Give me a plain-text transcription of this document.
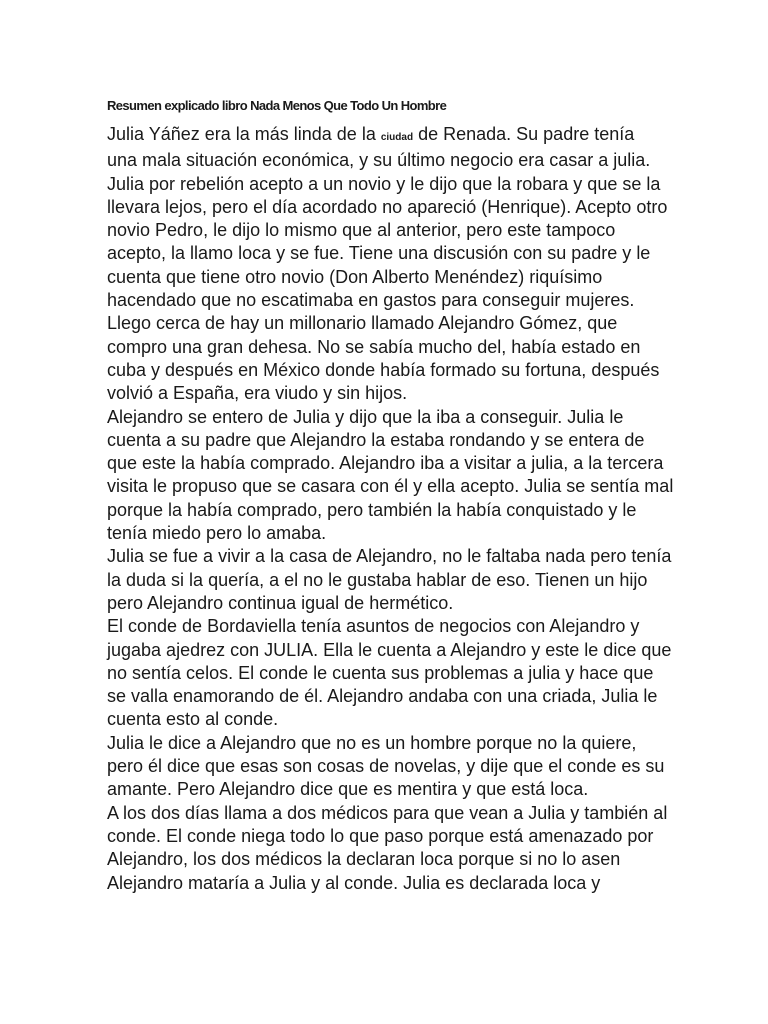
Resumen explicado libro Nada Menos Que Todo Un Hombre

Julia Yáñez era la más linda de la ciudad de Renada. Su padre tenía
una mala situación económica, y su último negocio era casar a julia.
Julia por rebelión acepto a un novio y le dijo que la robara y que se la
llevara lejos, pero el día acordado no apareció (Henrique). Acepto otro
novio Pedro, le dijo lo mismo que al anterior, pero este tampoco
acepto, la llamo loca y se fue. Tiene una discusión con su padre y le
cuenta que tiene otro novio (Don Alberto Menéndez) riquísimo
hacendado que no escatimaba en gastos para conseguir mujeres.
Llego cerca de hay un millonario llamado Alejandro Gómez, que
compro una gran dehesa. No se sabía mucho del, había estado en
cuba y después en México donde había formado su fortuna, después
volvió a España, era viudo y sin hijos.

Alejandro se entero de Julia y dijo que la iba a conseguir. Julia le
cuenta a su padre que Alejandro la estaba rondando y se entera de
que este la había comprado. Alejandro iba a visitar a julia, a la tercera
visita le propuso que se casara con él y ella acepto. Julia se sentía mal
porque la había comprado, pero también la había conquistado y le
tenía miedo pero lo amaba.

Julia se fue a vivir a la casa de Alejandro, no le faltaba nada pero tenía
la duda si la quería, a el no le gustaba hablar de eso. Tienen un hijo
pero Alejandro continua igual de hermético.

El conde de Bordaviella tenía asuntos de negocios con Alejandro y
jugaba ajedrez con JULIA. Ella le cuenta a Alejandro y este le dice que
no sentía celos. El conde le cuenta sus problemas a julia y hace que
se valla enamorando de él. Alejandro andaba con una criada, Julia le
cuenta esto al conde.

Julia le dice a Alejandro que no es un hombre porque no la quiere,
pero él dice que esas son cosas de novelas, y dije que el conde es su
amante. Pero Alejandro dice que es mentira y que está loca.

A los dos días llama a dos médicos para que vean a Julia y también al
conde. El conde niega todo lo que paso porque está amenazado por
Alejandro, los dos médicos la declaran loca porque si no lo asen
Alejandro mataría a Julia y al conde. Julia es declarada loca y
